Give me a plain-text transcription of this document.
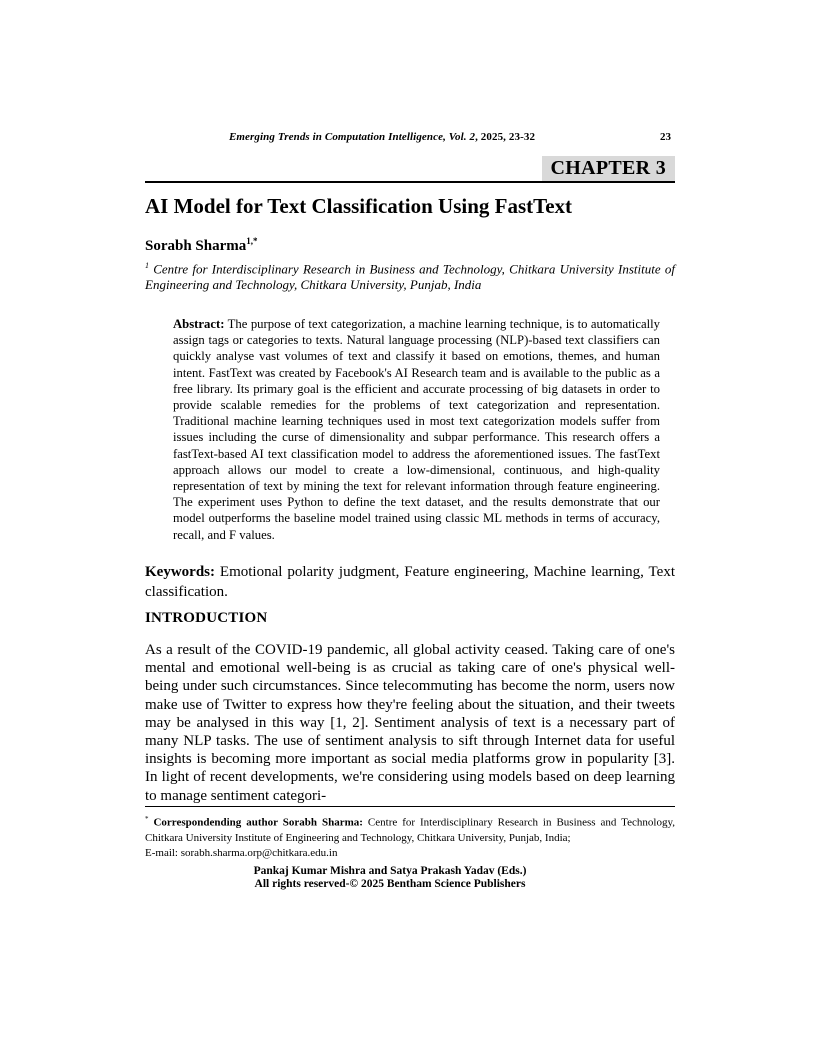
Emerging Trends in Computation Intelligence, Vol. 2, 2025, 23-32	23
CHAPTER 3
AI Model for Text Classification Using FastText
Sorabh Sharma$^{1,*}$
$^1$ Centre for Interdisciplinary Research in Business and Technology, Chitkara University Institute of Engineering and Technology, Chitkara University, Punjab, India
Abstract: The purpose of text categorization, a machine learning technique, is to automatically assign tags or categories to texts. Natural language processing (NLP)-based text classifiers can quickly analyse vast volumes of text and classify it based on emotions, themes, and human intent. FastText was created by Facebook's AI Research team and is available to the public as a free library. Its primary goal is the efficient and accurate processing of big datasets in order to provide scalable remedies for the problems of text categorization and representation. Traditional machine learning techniques used in most text categorization models suffer from issues including the curse of dimensionality and subpar performance. This research offers a fastText-based AI text classification model to address the aforementioned issues. The fastText approach allows our model to create a low-dimensional, continuous, and high-quality representation of text by mining the text for relevant information through feature engineering. The experiment uses Python to define the text dataset, and the results demonstrate that our model outperforms the baseline model trained using classic ML methods in terms of accuracy, recall, and F values.
Keywords: Emotional polarity judgment, Feature engineering, Machine learning, Text classification.
INTRODUCTION

As a result of the COVID-19 pandemic, all global activity ceased. Taking care of one's mental and emotional well-being is as crucial as taking care of one's physical well-being under such circumstances. Since telecommuting has become the norm, users now make use of Twitter to express how they're feeling about the situation, and their tweets may be analysed in this way [1, 2]. Sentiment analysis of text is a necessary part of many NLP tasks. The use of sentiment analysis to sift through Internet data for useful insights is becoming more important as social media platforms grow in popularity [3]. In light of recent developments, we're considering using models based on deep learning to manage sentiment categori-

* Correspondending author Sorabh Sharma: Centre for Interdisciplinary Research in Business and Technology, Chitkara University Institute of Engineering and Technology, Chitkara University, Punjab, India;
E-mail: sorabh.sharma.orp@chitkara.edu.in
Pankaj Kumar Mishra and Satya Prakash Yadav (Eds.)
All rights reserved-© 2025 Bentham Science Publishers
